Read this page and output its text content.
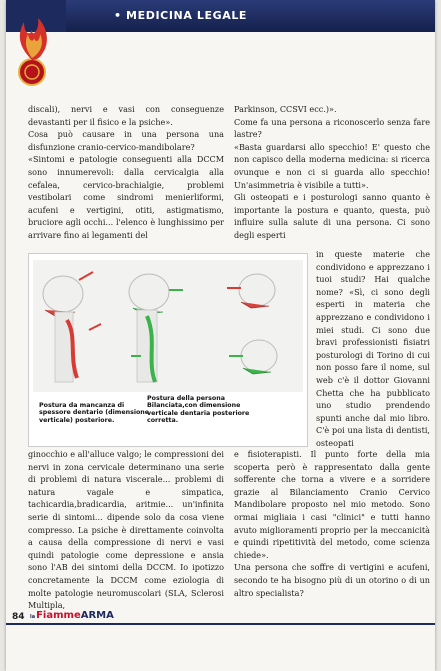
• MEDICINA LEGALE

discali), nervi e vasi con conseguenze devastanti per il fisico e la psiche».

Cosa può causare in una persona una disfunzione cranio-cervico-mandibolare?

«Sintomi e patologie conseguenti alla DCCM sono innumerevoli: dalla cervicalgia alla cefalea, cervico-brachialgie, problemi vestibolari come sindromi menierliformi, acufeni e vertigini, otiti, astigmatismo, bruciore agli occhi... l'elenco è lunghissimo per arrivare fino ai legamenti del

Parkinson, CCSVI ecc.)».

Come fa una persona a riconoscerlo senza fare lastre?

«Basta guardarsi allo specchio! E' questo che non capisco della moderna medicina: si ricerca ovunque e non ci si guarda allo specchio! Un'asimmetria è visibile a tutti».

Gli osteopati e i posturologi sanno quanto è importante la postura e quanto, questa, può influire sulla salute di una persona. Ci sono degli esperti

in queste materie che condividono e apprezzano i tuoi studi? Hai qualche nome? «Sì, ci sono degli esperti in materia che apprezzano e condividono i miei studi. Ci sono due bravi professionisti fisiatri posturologi di Torino di cui non posso fare il nome, sul web c'è il dottor Giovanni Chetta che ha pubblicato uno studio prendendo spunti anche dal mio libro. C'è poi una lista di dentisti, osteopati
Postura da mancanza di spessore dentario (dimensione verticale) posteriore.
Postura della persona Bilanciata,con dimensione verticale dentaria posteriore corretta.

ginocchio e all'alluce valgo; le compressioni dei nervi in zona cervicale determinano una serie di problemi di natura viscerale... problemi di natura vagale e simpatica, tachicardia,bradicardia, aritmie... un'infinita serie di sintomi... dipende solo da cosa viene compresso. La psiche è direttamente coinvolta a causa della compressione di nervi e vasi quindi patologie come depressione e ansia sono l'AB dei sintomi della DCCM. Io ipotizzo concretamente la DCCM come eziologia di molte patologie neuromuscolari (SLA, Sclerosi Multipla,

e fisioterapisti. Il punto forte della mia scoperta però è rappresentato dalla gente sofferente che torna a vivere e a sorridere grazie al Bilanciamento Cranio Cervico Mandibolare proposto nel mio metodo. Sono ormai migliaia i casi "clinici" e tutti hanno avuto miglioramenti proprio per la meccanicità e quindi ripetitività del metodo, come scienza chiede».

Una persona che soffre di vertigini e acufeni, secondo te ha bisogno più di un otorino o di un altro specialista?

84 laFiammeARMA
